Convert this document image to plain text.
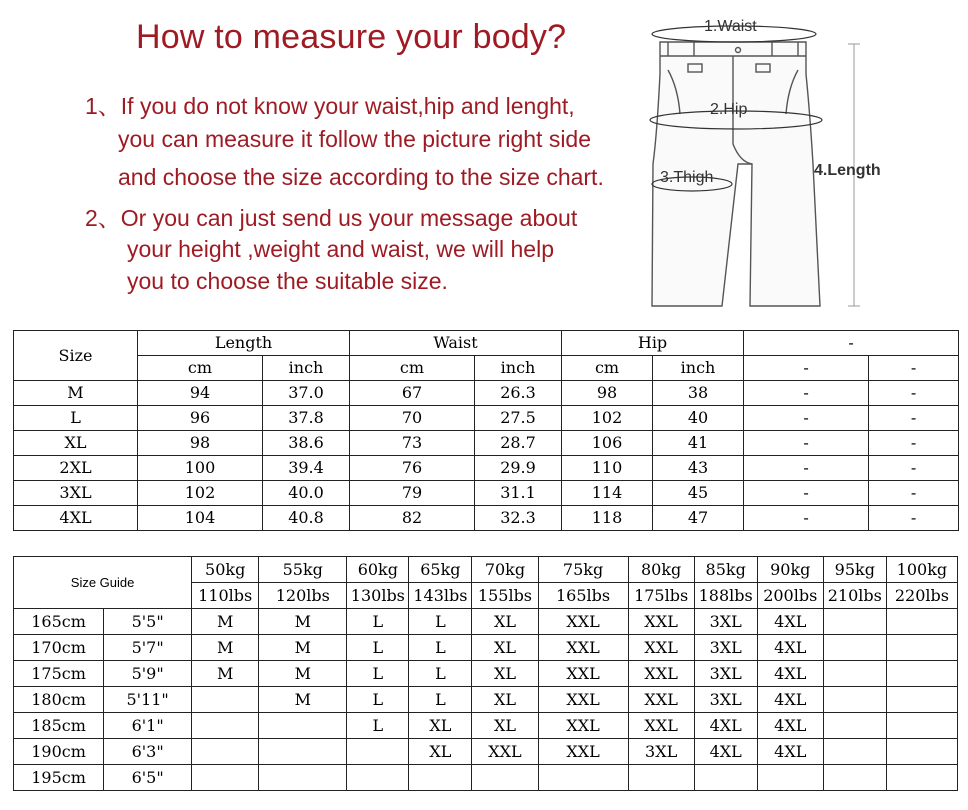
How to measure your body?
1、If you do not know your waist,hip and lenght,
you can measure it follow the picture right side
and choose the size according to the size chart.
2、Or you can just send us your message about
your height ,weight and waist, we will help
you to choose the suitable size.
1.Waist
2.Hip
3.Thigh	4.Length
Size	Length		Waist		Hip		-	
	cm	inch	cm	inch	cm	inch	-	-
M	94	37.0	67	26.3	98	38	-	-
L	96	37.8	70	27.5	102	40	-	-
XL	98	38.6	73	28.7	106	41	-	-
2XL	100	39.4	76	29.9	110	43	-	-
3XL	102	40.0	79	31.1	114	45	-	-
4XL	104	40.8	82	32.3	118	47	-	-
Size Guide		50kg	55kg	60kg	65kg	70kg	75kg	80kg	85kg	90kg	95kg	100kg
		110lbs	120lbs	130lbs	143lbs	155lbs	165lbs	175lbs	188lbs	200lbs	210lbs	220lbs
165cm	5'5"	M	M	L	L	XL	XXL	XXL	3XL	4XL		
170cm	5'7"	M	M	L	L	XL	XXL	XXL	3XL	4XL		
175cm	5'9"	M	M	L	L	XL	XXL	XXL	3XL	4XL		
180cm	5'11"		M	L	L	XL	XXL	XXL	3XL	4XL		
185cm	6'1"			L	XL	XL	XXL	XXL	4XL	4XL		
190cm	6'3"				XL	XXL	XXL	3XL	4XL	4XL		
195cm	6'5"											
